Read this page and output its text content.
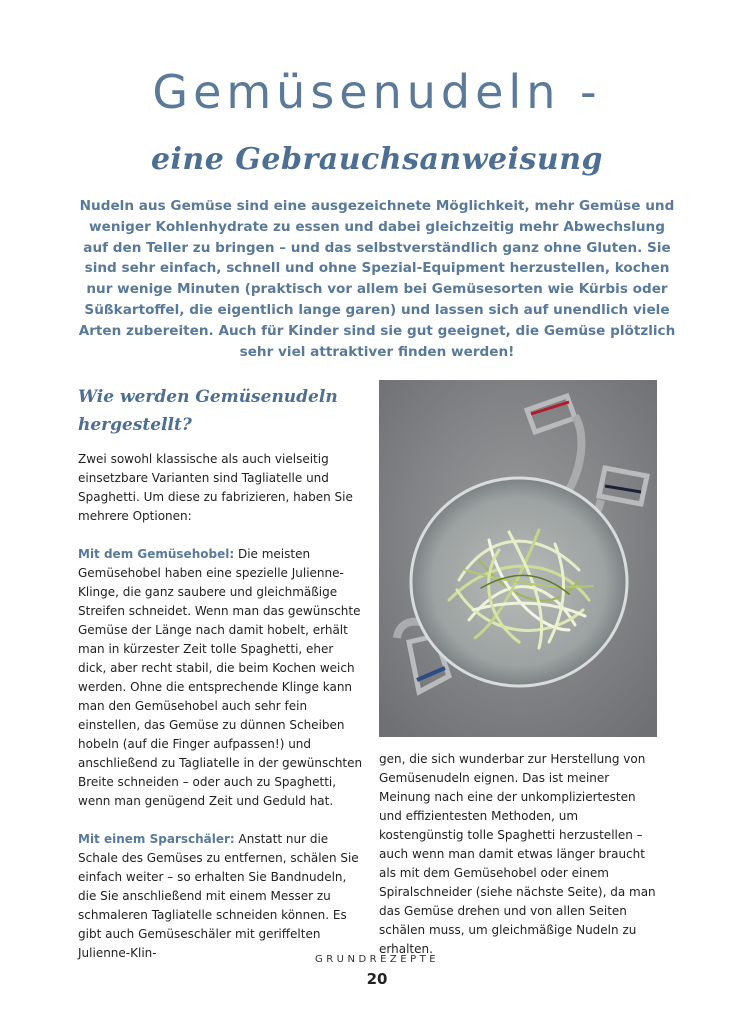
Gemüsenudeln -
eine Gebrauchsanweisung
Nudeln aus Gemüse sind eine ausgezeichnete Möglichkeit, mehr Gemüse und weniger Kohlenhydrate zu essen und dabei gleichzeitig mehr Abwechslung auf den Teller zu bringen – und das selbstverständlich ganz ohne Gluten. Sie sind sehr einfach, schnell und ohne Spezial-Equipment herzustellen, kochen nur wenige Minuten (praktisch vor allem bei Gemüsesorten wie Kürbis oder Süßkartoffel, die eigentlich lange garen) und lassen sich auf unendlich viele Arten zubereiten. Auch für Kinder sind sie gut geeignet, die Gemüse plötzlich sehr viel attraktiver finden werden!
Wie werden Gemüsenudeln hergestellt?

Zwei sowohl klassische als auch vielseitig einsetzbare Varianten sind Tagliatelle und Spaghetti. Um diese zu fabrizieren, haben Sie mehrere Optionen:

Mit dem Gemüsehobel: Die meisten Gemüsehobel haben eine spezielle Julienne-Klinge, die ganz saubere und gleichmäßige Streifen schneidet. Wenn man das gewünschte Gemüse der Länge nach damit hobelt, erhält man in kürzester Zeit tolle Spaghetti, eher dick, aber recht stabil, die beim Kochen weich werden. Ohne die entsprechende Klinge kann man den Gemüsehobel auch sehr fein einstellen, das Gemüse zu dünnen Scheiben hobeln (auf die Finger aufpassen!) und anschließend zu Tagliatelle in der gewünschten Breite schneiden – oder auch zu Spaghetti, wenn man genügend Zeit und Geduld hat.

Mit einem Sparschäler: Anstatt nur die Schale des Gemüses zu entfernen, schälen Sie einfach weiter – so erhalten Sie Bandnudeln, die Sie anschließend mit einem Messer zu schmaleren Tagliatelle schneiden können. Es gibt auch Gemüseschäler mit geriffelten Julienne-Klin-

gen, die sich wunderbar zur Herstellung von Gemüsenudeln eignen. Das ist meiner Meinung nach eine der unkompliziertesten und effizientesten Methoden, um kostengünstig tolle Spaghetti herzustellen – auch wenn man damit etwas länger braucht als mit dem Gemüsehobel oder einem Spiralschneider (siehe nächste Seite), da man das Gemüse drehen und von allen Seiten schälen muss, um gleichmäßige Nudeln zu erhalten.

GRUNDREZEPTE
20
